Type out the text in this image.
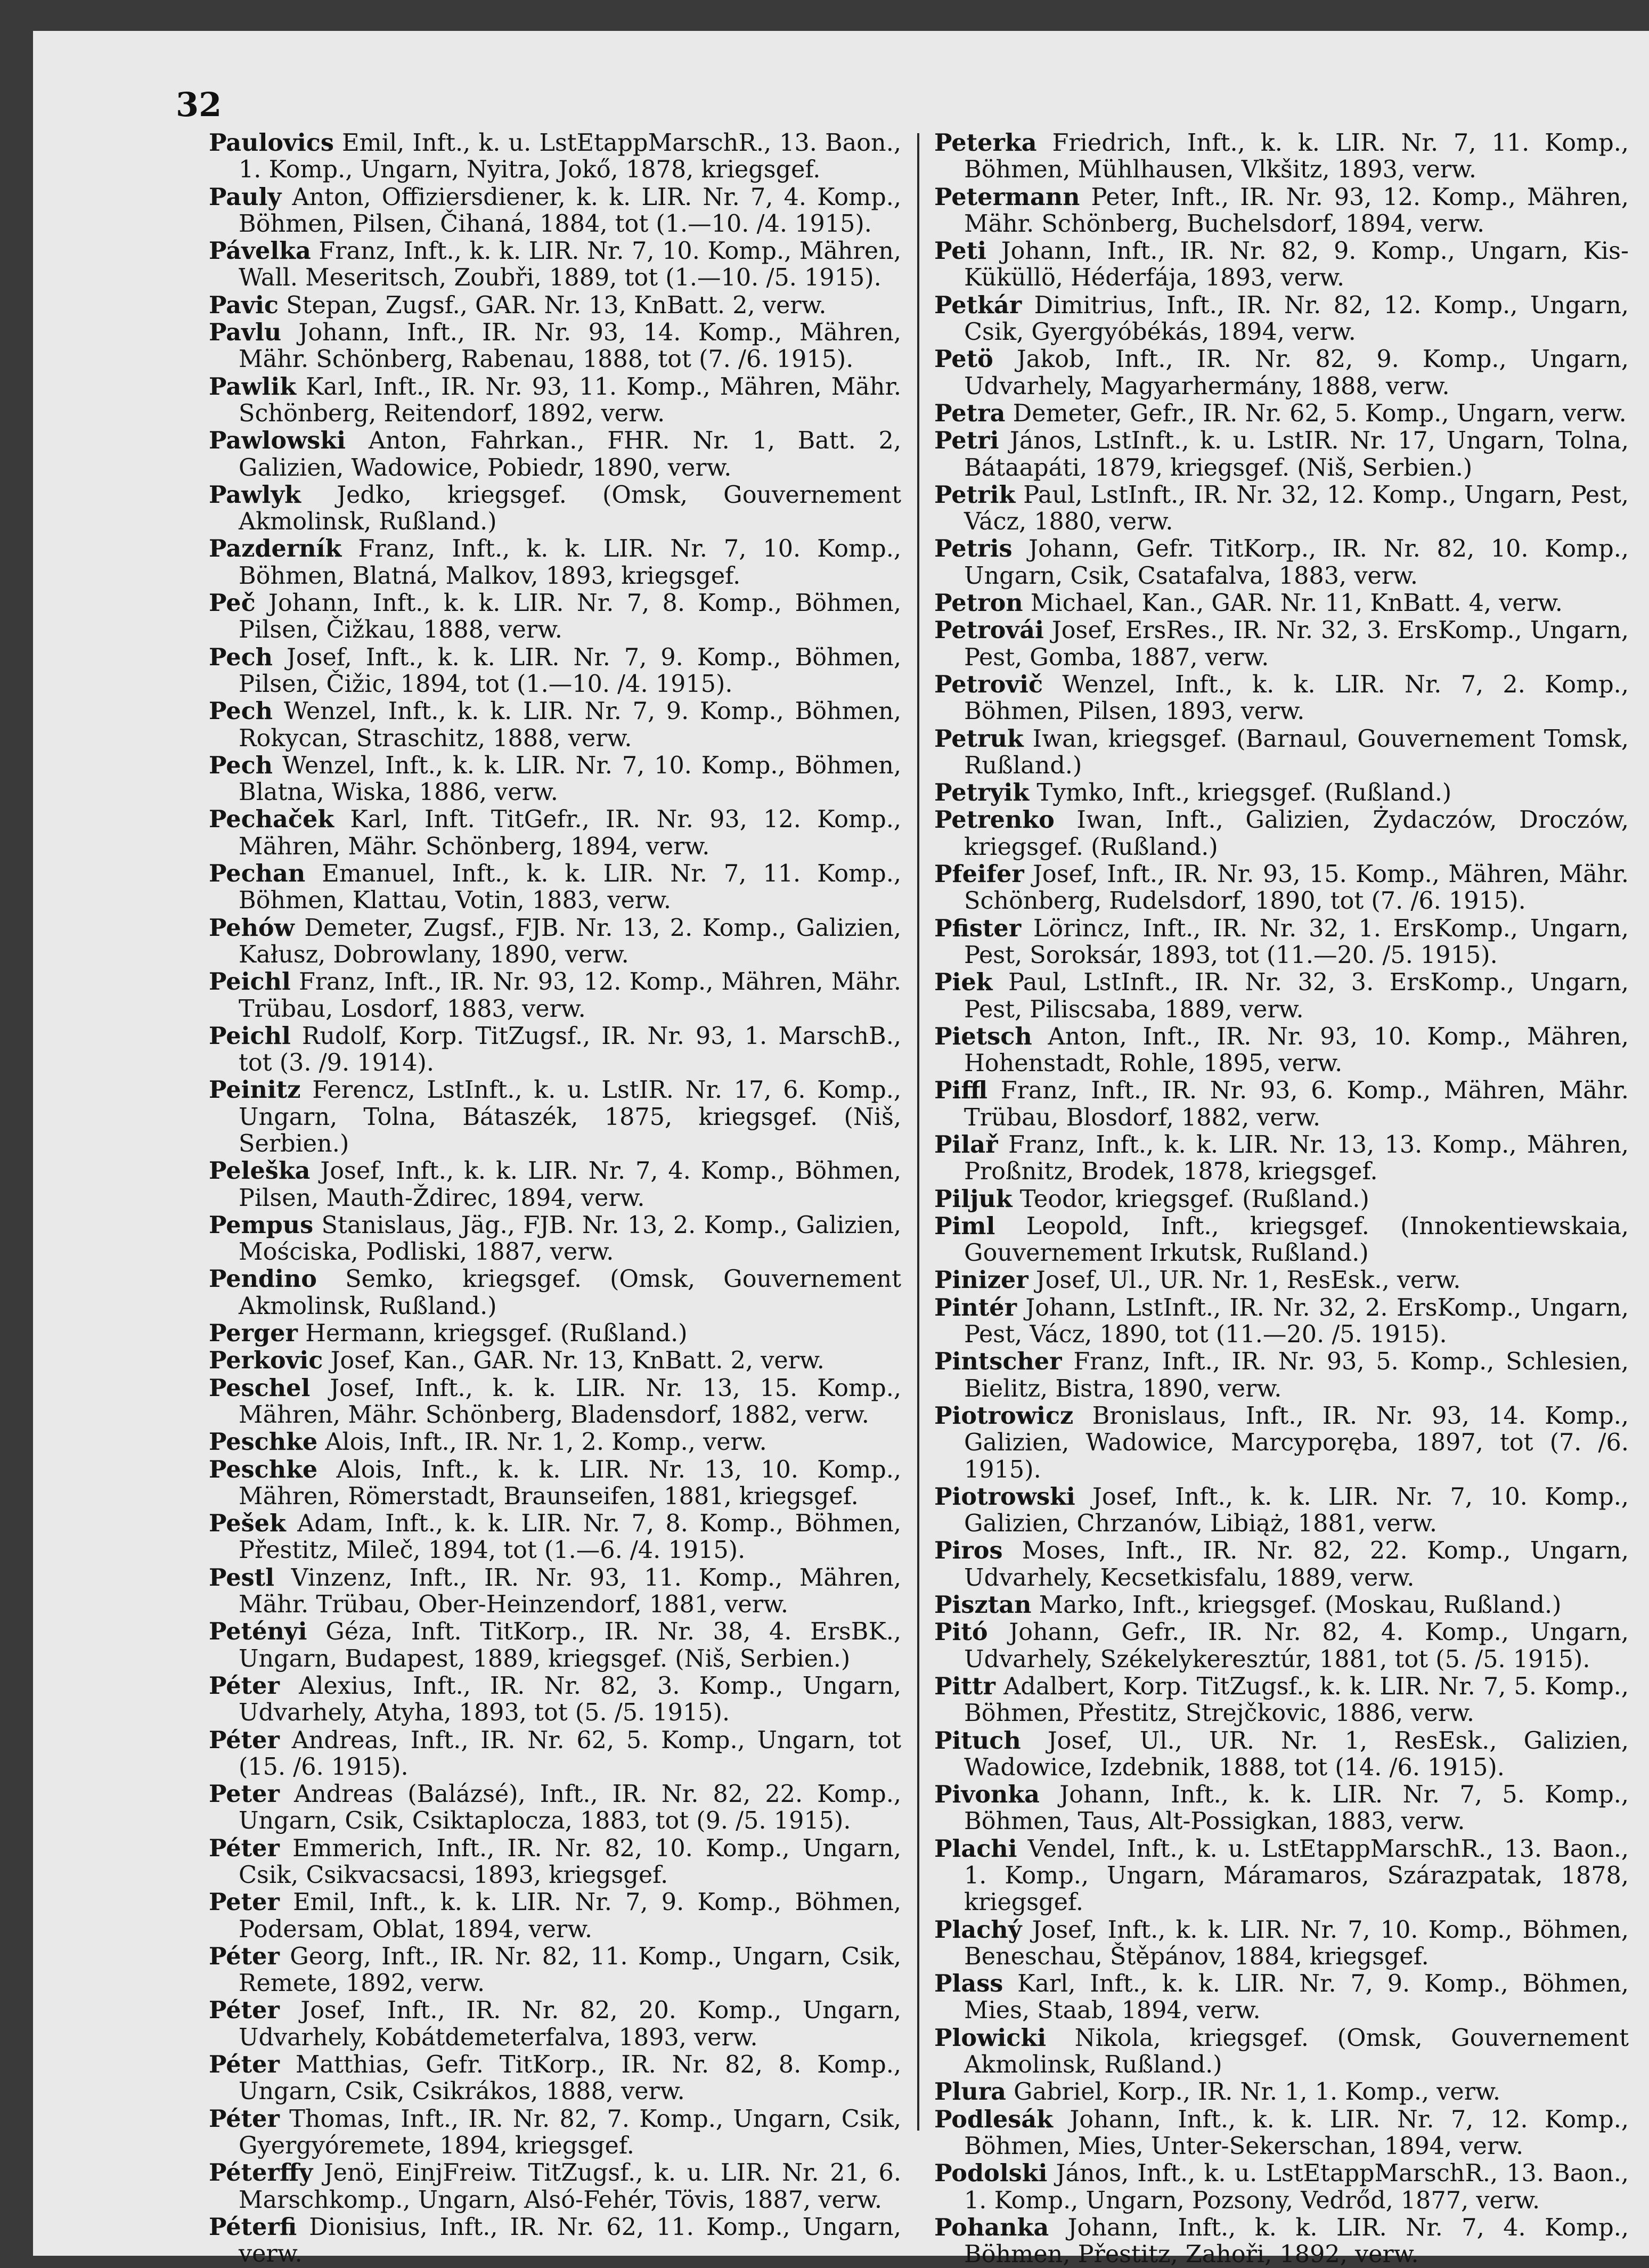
32

Paulovics Emil, Inft., k. u. LstEtappMarschR., 13. Baon., 1. Komp., Ungarn, Nyitra, Jokő, 1878, kriegsgef.

Pauly Anton, Offiziersdiener, k. k. LIR. Nr. 7, 4. Komp., Böhmen, Pilsen, Čihaná, 1884, tot (1.—10. /4. 1915).

Pávelka Franz, Inft., k. k. LIR. Nr. 7, 10. Komp., Mähren, Wall. Meseritsch, Zoubři, 1889, tot (1.—10. /5. 1915).

Pavic Stepan, Zugsf., GAR. Nr. 13, KnBatt. 2, verw.

Pavlu Johann, Inft., IR. Nr. 93, 14. Komp., Mähren, Mähr. Schönberg, Rabenau, 1888, tot (7. /6. 1915).

Pawlik Karl, Inft., IR. Nr. 93, 11. Komp., Mähren, Mähr. Schönberg, Reitendorf, 1892, verw.

Pawlowski Anton, Fahrkan., FHR. Nr. 1, Batt. 2, Galizien, Wadowice, Pobiedr, 1890, verw.

Pawlyk Jedko, kriegsgef. (Omsk, Gouvernement Akmolinsk, Rußland.)

Pazderník Franz, Inft., k. k. LIR. Nr. 7, 10. Komp., Böhmen, Blatná, Malkov, 1893, kriegsgef.

Peč Johann, Inft., k. k. LIR. Nr. 7, 8. Komp., Böhmen, Pilsen, Čižkau, 1888, verw.

Pech Josef, Inft., k. k. LIR. Nr. 7, 9. Komp., Böhmen, Pilsen, Čižic, 1894, tot (1.—10. /4. 1915).

Pech Wenzel, Inft., k. k. LIR. Nr. 7, 9. Komp., Böhmen, Rokycan, Straschitz, 1888, verw.

Pech Wenzel, Inft., k. k. LIR. Nr. 7, 10. Komp., Böhmen, Blatna, Wiska, 1886, verw.

Pechaček Karl, Inft. TitGefr., IR. Nr. 93, 12. Komp., Mähren, Mähr. Schönberg, 1894, verw.

Pechan Emanuel, Inft., k. k. LIR. Nr. 7, 11. Komp., Böhmen, Klattau, Votin, 1883, verw.

Pehów Demeter, Zugsf., FJB. Nr. 13, 2. Komp., Galizien, Kałusz, Dobrowlany, 1890, verw.

Peichl Franz, Inft., IR. Nr. 93, 12. Komp., Mähren, Mähr. Trübau, Losdorf, 1883, verw.

Peichl Rudolf, Korp. TitZugsf., IR. Nr. 93, 1. MarschB., tot (3. /9. 1914).

Peinitz Ferencz, LstInft., k. u. LstIR. Nr. 17, 6. Komp., Ungarn, Tolna, Bátaszék, 1875, kriegsgef. (Niš, Serbien.)

Peleška Josef, Inft., k. k. LIR. Nr. 7, 4. Komp., Böhmen, Pilsen, Mauth-Ždirec, 1894, verw.

Pempus Stanislaus, Jäg., FJB. Nr. 13, 2. Komp., Galizien, Mościska, Podliski, 1887, verw.

Pendino Semko, kriegsgef. (Omsk, Gouvernement Akmolinsk, Rußland.)

Perger Hermann, kriegsgef. (Rußland.)

Perkovic Josef, Kan., GAR. Nr. 13, KnBatt. 2, verw.

Peschel Josef, Inft., k. k. LIR. Nr. 13, 15. Komp., Mähren, Mähr. Schönberg, Bladensdorf, 1882, verw.

Peschke Alois, Inft., IR. Nr. 1, 2. Komp., verw.

Peschke Alois, Inft., k. k. LIR. Nr. 13, 10. Komp., Mähren, Römerstadt, Braunseifen, 1881, kriegsgef.

Pešek Adam, Inft., k. k. LIR. Nr. 7, 8. Komp., Böhmen, Přestitz, Mileč, 1894, tot (1.—6. /4. 1915).

Pestl Vinzenz, Inft., IR. Nr. 93, 11. Komp., Mähren, Mähr. Trübau, Ober-Heinzendorf, 1881, verw.

Petényi Géza, Inft. TitKorp., IR. Nr. 38, 4. ErsBK., Ungarn, Budapest, 1889, kriegsgef. (Niš, Serbien.)

Péter Alexius, Inft., IR. Nr. 82, 3. Komp., Ungarn, Udvarhely, Atyha, 1893, tot (5. /5. 1915).

Péter Andreas, Inft., IR. Nr. 62, 5. Komp., Ungarn, tot (15. /6. 1915).

Peter Andreas (Balázsé), Inft., IR. Nr. 82, 22. Komp., Ungarn, Csik, Csiktaplocza, 1883, tot (9. /5. 1915).

Péter Emmerich, Inft., IR. Nr. 82, 10. Komp., Ungarn, Csik, Csikvacsacsi, 1893, kriegsgef.

Peter Emil, Inft., k. k. LIR. Nr. 7, 9. Komp., Böhmen, Podersam, Oblat, 1894, verw.

Péter Georg, Inft., IR. Nr. 82, 11. Komp., Ungarn, Csik, Remete, 1892, verw.

Péter Josef, Inft., IR. Nr. 82, 20. Komp., Ungarn, Udvarhely, Kobátdemeterfalva, 1893, verw.

Péter Matthias, Gefr. TitKorp., IR. Nr. 82, 8. Komp., Ungarn, Csik, Csikrákos, 1888, verw.

Péter Thomas, Inft., IR. Nr. 82, 7. Komp., Ungarn, Csik, Gyergyóremete, 1894, kriegsgef.

Péterffy Jenö, EinjFreiw. TitZugsf., k. u. LIR. Nr. 21, 6. Marschkomp., Ungarn, Alsó-Fehér, Tövis, 1887, verw.

Péterfi Dionisius, Inft., IR. Nr. 62, 11. Komp., Ungarn, verw.

Peterka Friedrich, Inft., k. k. LIR. Nr. 7, 11. Komp., Böhmen, Mühlhausen, Vlkšitz, 1893, verw.

Petermann Peter, Inft., IR. Nr. 93, 12. Komp., Mähren, Mähr. Schönberg, Buchelsdorf, 1894, verw.

Peti Johann, Inft., IR. Nr. 82, 9. Komp., Ungarn, Kis-Küküllö, Héderfája, 1893, verw.

Petkár Dimitrius, Inft., IR. Nr. 82, 12. Komp., Ungarn, Csik, Gyergyóbékás, 1894, verw.

Petö Jakob, Inft., IR. Nr. 82, 9. Komp., Ungarn, Udvarhely, Magyarhermány, 1888, verw.

Petra Demeter, Gefr., IR. Nr. 62, 5. Komp., Ungarn, verw.

Petri János, LstInft., k. u. LstIR. Nr. 17, Ungarn, Tolna, Bátaapáti, 1879, kriegsgef. (Niš, Serbien.)

Petrik Paul, LstInft., IR. Nr. 32, 12. Komp., Ungarn, Pest, Vácz, 1880, verw.

Petris Johann, Gefr. TitKorp., IR. Nr. 82, 10. Komp., Ungarn, Csik, Csatafalva, 1883, verw.

Petron Michael, Kan., GAR. Nr. 11, KnBatt. 4, verw.

Petrovái Josef, ErsRes., IR. Nr. 32, 3. ErsKomp., Ungarn, Pest, Gomba, 1887, verw.

Petrovič Wenzel, Inft., k. k. LIR. Nr. 7, 2. Komp., Böhmen, Pilsen, 1893, verw.

Petruk Iwan, kriegsgef. (Barnaul, Gouvernement Tomsk, Rußland.)

Petryik Tymko, Inft., kriegsgef. (Rußland.)

Petrenko Iwan, Inft., Galizien, Żydaczów, Droczów, kriegsgef. (Rußland.)

Pfeifer Josef, Inft., IR. Nr. 93, 15. Komp., Mähren, Mähr. Schönberg, Rudelsdorf, 1890, tot (7. /6. 1915).

Pfister Lörincz, Inft., IR. Nr. 32, 1. ErsKomp., Ungarn, Pest, Soroksár, 1893, tot (11.—20. /5. 1915).

Piek Paul, LstInft., IR. Nr. 32, 3. ErsKomp., Ungarn, Pest, Piliscsaba, 1889, verw.

Pietsch Anton, Inft., IR. Nr. 93, 10. Komp., Mähren, Hohenstadt, Rohle, 1895, verw.

Piffl Franz, Inft., IR. Nr. 93, 6. Komp., Mähren, Mähr. Trübau, Blosdorf, 1882, verw.

Pilař Franz, Inft., k. k. LIR. Nr. 13, 13. Komp., Mähren, Proßnitz, Brodek, 1878, kriegsgef.

Piljuk Teodor, kriegsgef. (Rußland.)

Piml Leopold, Inft., kriegsgef. (Innokentiewskaia, Gouvernement Irkutsk, Rußland.)

Pinizer Josef, Ul., UR. Nr. 1, ResEsk., verw.

Pintér Johann, LstInft., IR. Nr. 32, 2. ErsKomp., Ungarn, Pest, Vácz, 1890, tot (11.—20. /5. 1915).

Pintscher Franz, Inft., IR. Nr. 93, 5. Komp., Schlesien, Bielitz, Bistra, 1890, verw.

Piotrowicz Bronislaus, Inft., IR. Nr. 93, 14. Komp., Galizien, Wadowice, Marcyporęba, 1897, tot (7. /6. 1915).

Piotrowski Josef, Inft., k. k. LIR. Nr. 7, 10. Komp., Galizien, Chrzanów, Libiąż, 1881, verw.

Piros Moses, Inft., IR. Nr. 82, 22. Komp., Ungarn, Udvarhely, Kecsetkisfalu, 1889, verw.

Pisztan Marko, Inft., kriegsgef. (Moskau, Rußland.)

Pitó Johann, Gefr., IR. Nr. 82, 4. Komp., Ungarn, Udvarhely, Székelykeresztúr, 1881, tot (5. /5. 1915).

Pittr Adalbert, Korp. TitZugsf., k. k. LIR. Nr. 7, 5. Komp., Böhmen, Přestitz, Strejčkovic, 1886, verw.

Pituch Josef, Ul., UR. Nr. 1, ResEsk., Galizien, Wadowice, Izdebnik, 1888, tot (14. /6. 1915).

Pivonka Johann, Inft., k. k. LIR. Nr. 7, 5. Komp., Böhmen, Taus, Alt-Possigkan, 1883, verw.

Plachi Vendel, Inft., k. u. LstEtappMarschR., 13. Baon., 1. Komp., Ungarn, Máramaros, Szárazpatak, 1878, kriegsgef.

Plachý Josef, Inft., k. k. LIR. Nr. 7, 10. Komp., Böhmen, Beneschau, Štěpánov, 1884, kriegsgef.

Plass Karl, Inft., k. k. LIR. Nr. 7, 9. Komp., Böhmen, Mies, Staab, 1894, verw.

Plowicki Nikola, kriegsgef. (Omsk, Gouvernement Akmolinsk, Rußland.)

Plura Gabriel, Korp., IR. Nr. 1, 1. Komp., verw.

Podlesák Johann, Inft., k. k. LIR. Nr. 7, 12. Komp., Böhmen, Mies, Unter-Sekerschan, 1894, verw.

Podolski János, Inft., k. u. LstEtappMarschR., 13. Baon., 1. Komp., Ungarn, Pozsony, Vedrőd, 1877, verw.

Pohanka Johann, Inft., k. k. LIR. Nr. 7, 4. Komp., Böhmen, Přestitz, Zahoři, 1892, verw.
